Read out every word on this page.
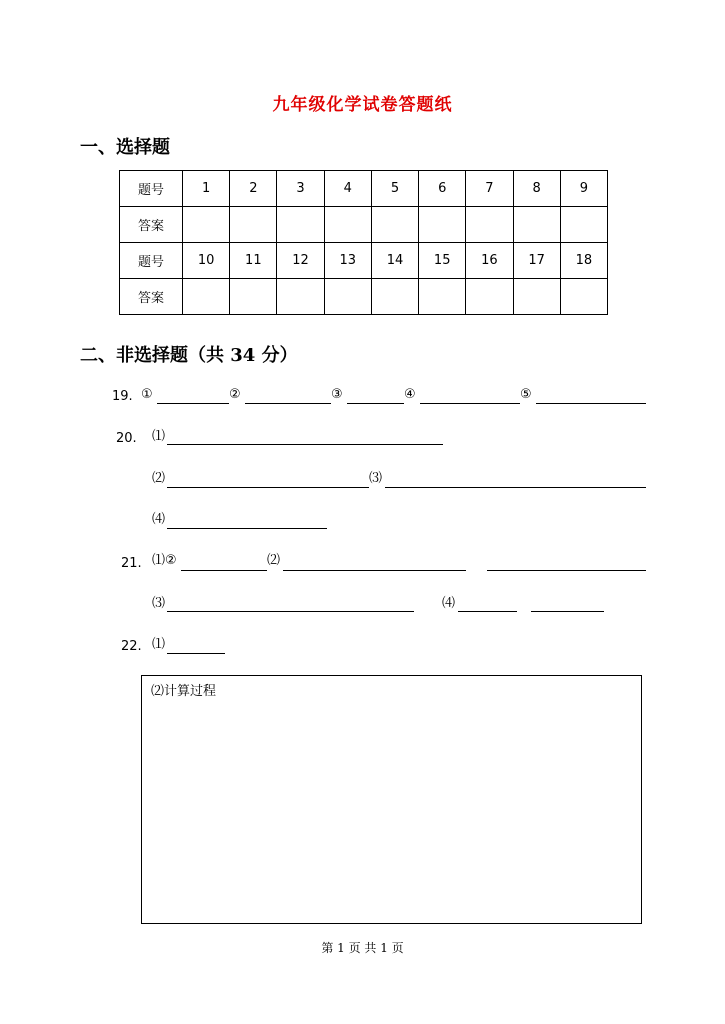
九年级化学试卷答题纸
一、选择题
题号	1	2	3	4	5	6	7	8	9
答案									
题号	10	11	12	13	14	15	16	17	18
答案									
二、非选择题（共 34 分）
19. ①	②	③	④	⑤
20. ⑴
⑵	⑶
⑷
21. ⑴②	⑵
⑶	⑷
22. ⑴
⑵计算过程
第 1 页 共 1 页
